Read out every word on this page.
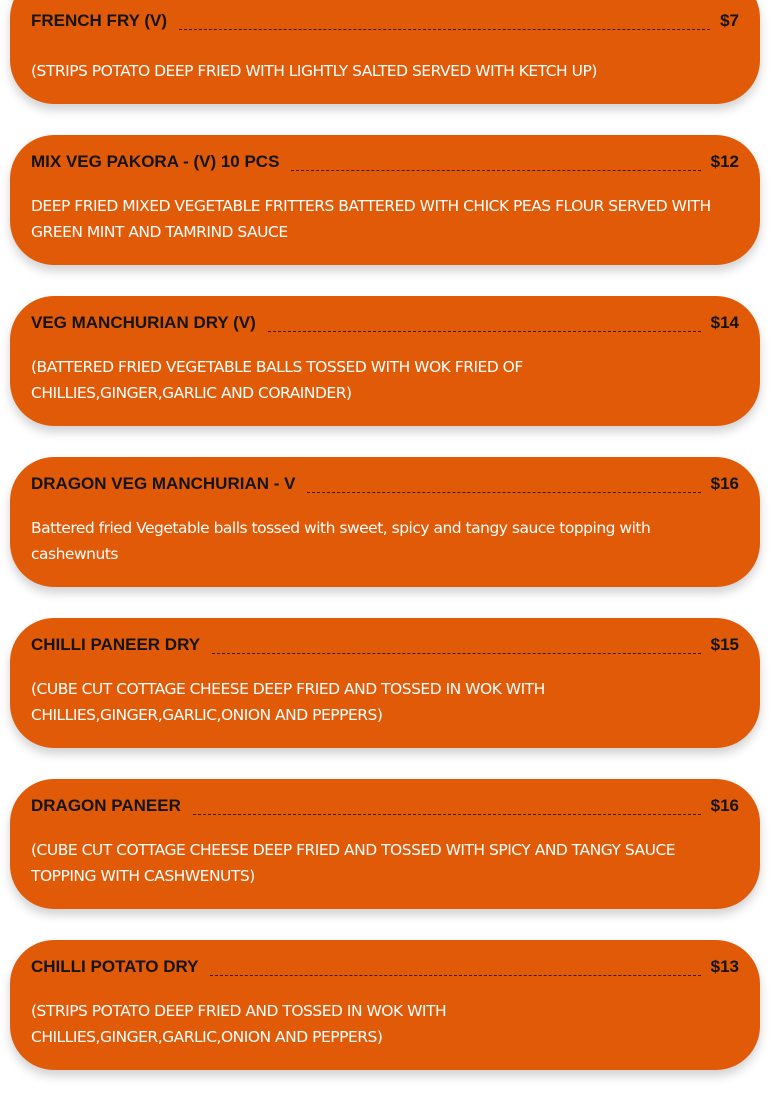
FRENCH FRY (V)	$7
(STRIPS POTATO DEEP FRIED WITH LIGHTLY SALTED SERVED WITH KETCH UP)
MIX VEG PAKORA - (V) 10 PCS	$12
DEEP FRIED MIXED VEGETABLE FRITTERS BATTERED WITH CHICK PEAS FLOUR SERVED WITH GREEN MINT AND TAMRIND SAUCE
VEG MANCHURIAN DRY (V)	$14
(BATTERED FRIED VEGETABLE BALLS TOSSED WITH WOK FRIED OF CHILLIES,GINGER,GARLIC AND CORAINDER)
DRAGON VEG MANCHURIAN - V	$16
Battered fried Vegetable balls tossed with sweet, spicy and tangy sauce topping with cashewnuts
CHILLI PANEER DRY	$15
(CUBE CUT COTTAGE CHEESE DEEP FRIED AND TOSSED IN WOK WITH CHILLIES,GINGER,GARLIC,ONION AND PEPPERS)
DRAGON PANEER	$16
(CUBE CUT COTTAGE CHEESE DEEP FRIED AND TOSSED WITH SPICY AND TANGY SAUCE TOPPING WITH CASHWENUTS)
CHILLI POTATO DRY	$13
(STRIPS POTATO DEEP FRIED AND TOSSED IN WOK WITH CHILLIES,GINGER,GARLIC,ONION AND PEPPERS)
